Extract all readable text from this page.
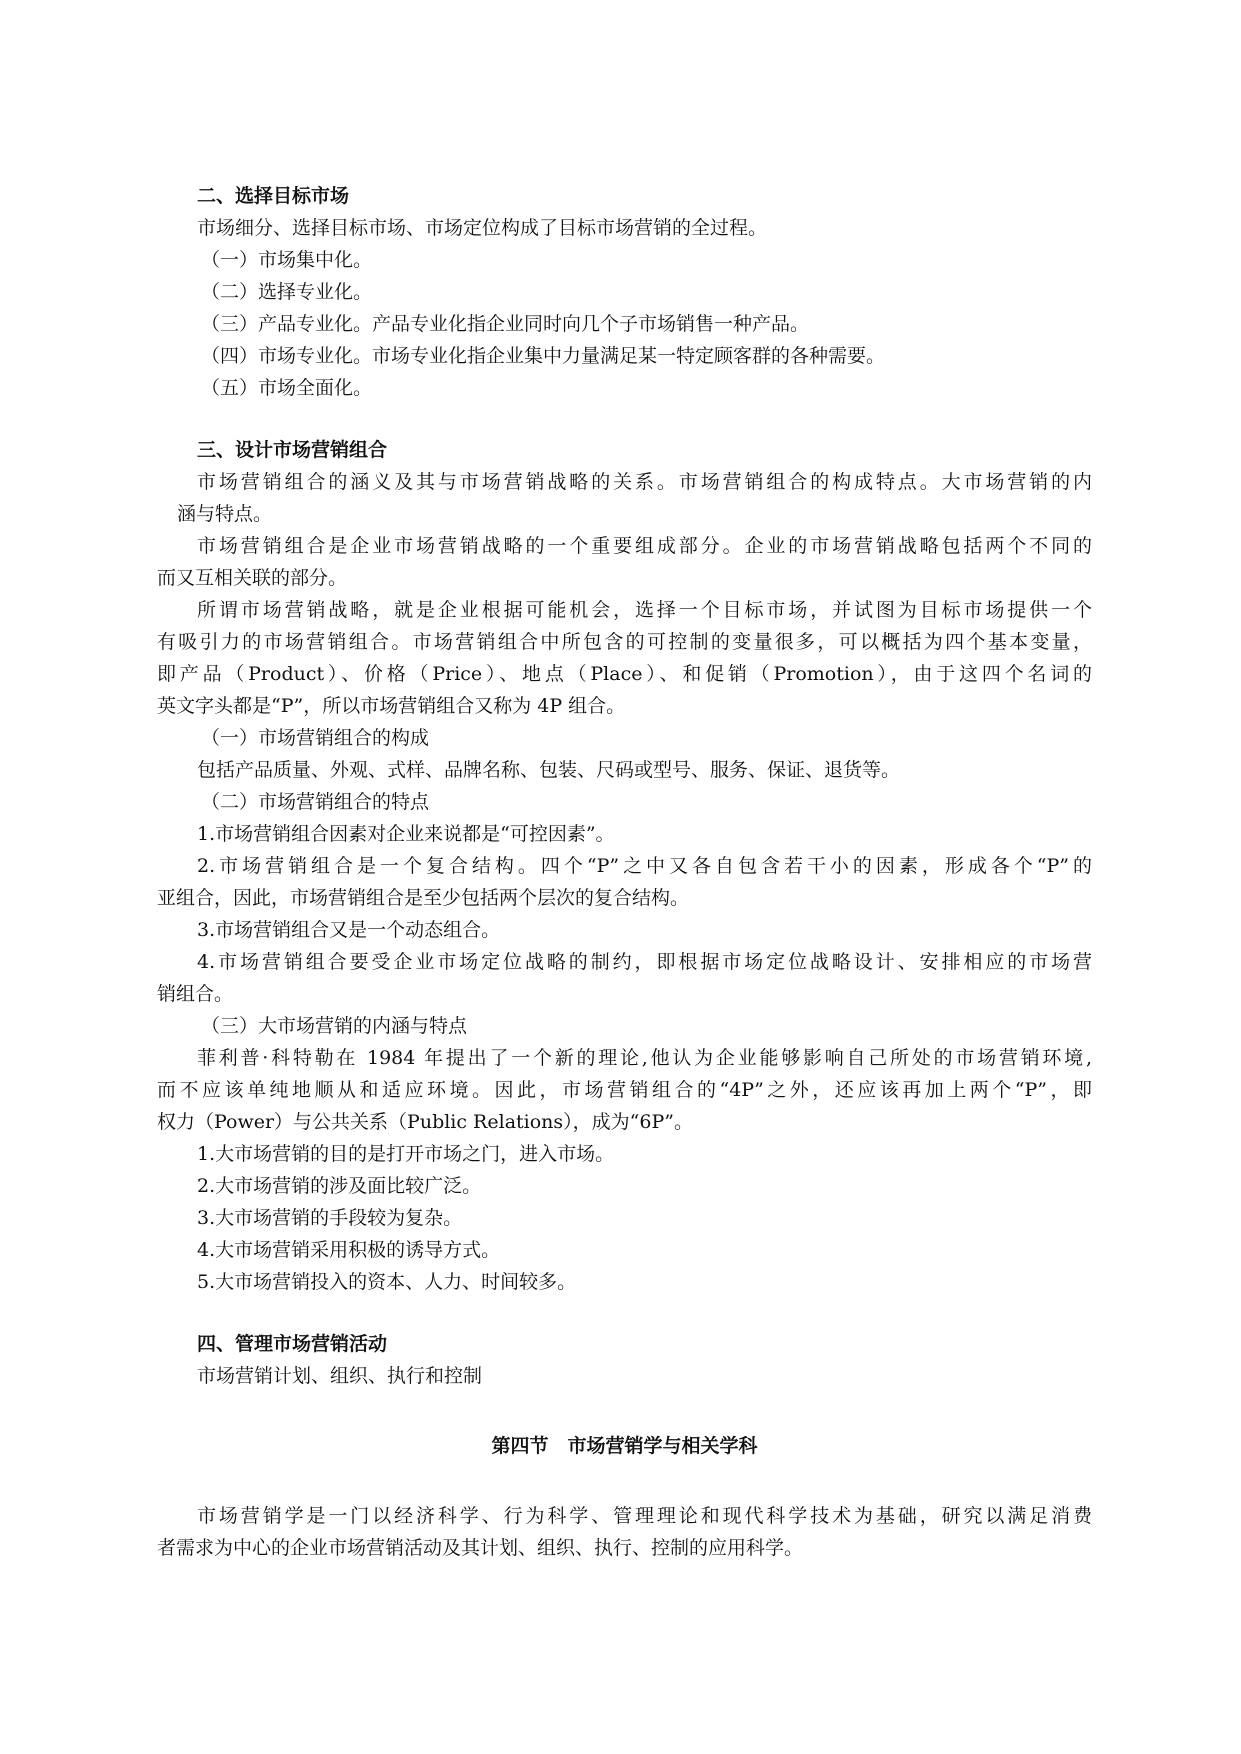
二、选择目标市场
市场细分、选择目标市场、市场定位构成了目标市场营销的全过程。
（一）市场集中化。
（二）选择专业化。
（三）产品专业化。产品专业化指企业同时向几个子市场销售一种产品。
（四）市场专业化。市场专业化指企业集中力量满足某一特定顾客群的各种需要。
（五）市场全面化。
三、设计市场营销组合
市场营销组合的涵义及其与市场营销战略的关系。市场营销组合的构成特点。大市场营销的内
涵与特点。
市场营销组合是企业市场营销战略的一个重要组成部分。企业的市场营销战略包括两个不同的
而又互相关联的部分。
所谓市场营销战略，就是企业根据可能机会，选择一个目标市场，并试图为目标市场提供一个
有吸引力的市场营销组合。市场营销组合中所包含的可控制的变量很多，可以概括为四个基本变量，
即产品（Product）、价格（Price）、地点（Place）、和促销（Promotion），由于这四个名词的
英文字头都是“P”，所以市场营销组合又称为 4P 组合。
（一）市场营销组合的构成
包括产品质量、外观、式样、品牌名称、包装、尺码或型号、服务、保证、退货等。
（二）市场营销组合的特点
1.市场营销组合因素对企业来说都是“可控因素”。
2.市场营销组合是一个复合结构。四个“P”之中又各自包含若干小的因素，形成各个“P”的
亚组合，因此，市场营销组合是至少包括两个层次的复合结构。
3.市场营销组合又是一个动态组合。
4.市场营销组合要受企业市场定位战略的制约，即根据市场定位战略设计、安排相应的市场营
销组合。
（三）大市场营销的内涵与特点
菲利普·科特勒在 1984 年提出了一个新的理论,他认为企业能够影响自己所处的市场营销环境,
而不应该单纯地顺从和适应环境。因此，市场营销组合的“4P”之外，还应该再加上两个“P”，即
权力（Power）与公共关系（Public Relations），成为“6P”。
1.大市场营销的目的是打开市场之门，进入市场。
2.大市场营销的涉及面比较广泛。
3.大市场营销的手段较为复杂。
4.大市场营销采用积极的诱导方式。
5.大市场营销投入的资本、人力、时间较多。
四、管理市场营销活动
市场营销计划、组织、执行和控制
第四节　市场营销学与相关学科
市场营销学是一门以经济科学、行为科学、管理理论和现代科学技术为基础，研究以满足消费
者需求为中心的企业市场营销活动及其计划、组织、执行、控制的应用科学。
